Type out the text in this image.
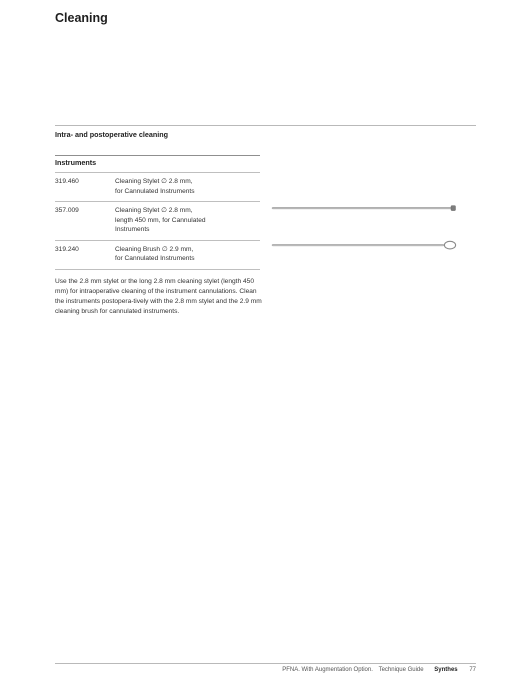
Cleaning
Intra- and postoperative cleaning
Instruments
319.460	Cleaning Stylet ∅ 2.8 mm,
for Cannulated Instruments
357.009	Cleaning Stylet ∅ 2.8 mm,
length 450 mm, for Cannulated
Instruments
319.240	Cleaning Brush ∅ 2.9 mm,
for Cannulated Instruments
Use the 2.8 mm stylet or the long 2.8 mm cleaning stylet (length 450 mm) for intraoperative cleaning of the instrument cannulations. Clean the instruments postopera-tively with the 2.8 mm stylet and the 2.9 mm cleaning brush for cannulated instruments.
PFNA. With Augmentation Option. Technique Guide Synthes 77
